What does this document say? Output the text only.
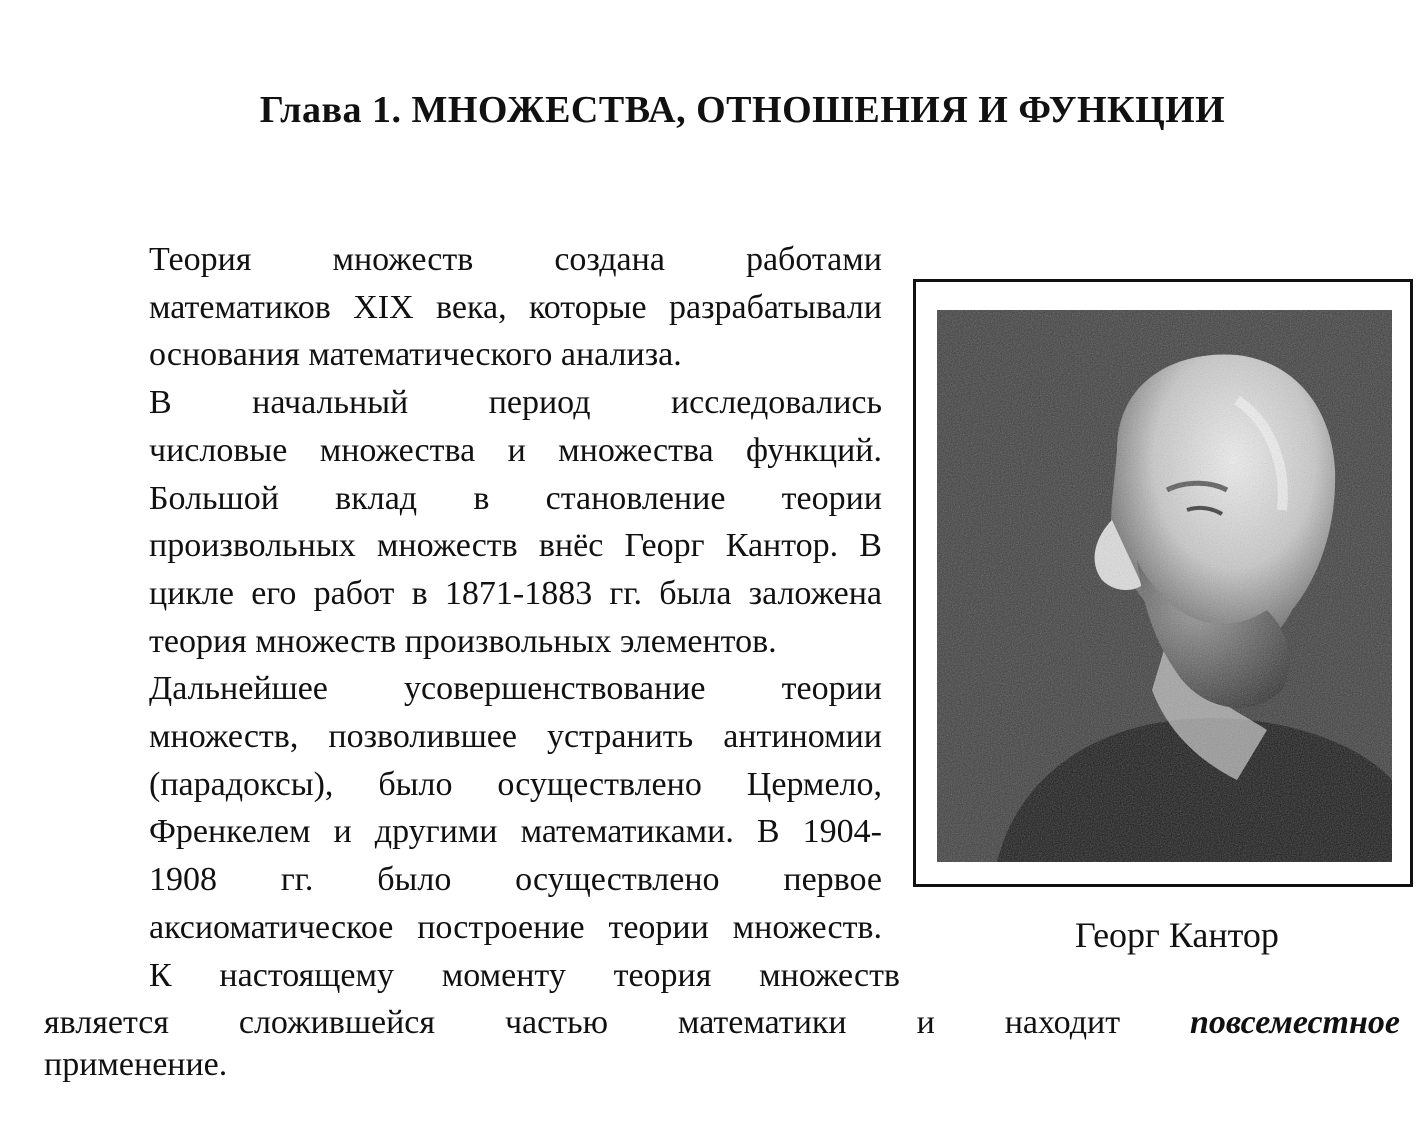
Глава 1. МНОЖЕСТВА, ОТНОШЕНИЯ И ФУНКЦИИ

Теория множеств создана работами
математиков XIX века, которые разрабатывали
основания математического анализа.

В начальный период исследовались
числовые множества и множества функций.
Большой вклад в становление теории
произвольных множеств внёс Георг Кантор. В
цикле его работ в 1871-1883 гг. была заложена
теория множеств произвольных элементов.

Дальнейшее усовершенствование теории
множеств, позволившее устранить антиномии
(парадоксы), было осуществлено Цермело,
Френкелем и другими математиками. В 1904-
1908 гг. было осуществлено первое
аксиоматическое построение теории множеств.
К настоящему моменту теория множеств

является сложившейся частью математики и находит повсеместное
применение.
Георг Кантор
